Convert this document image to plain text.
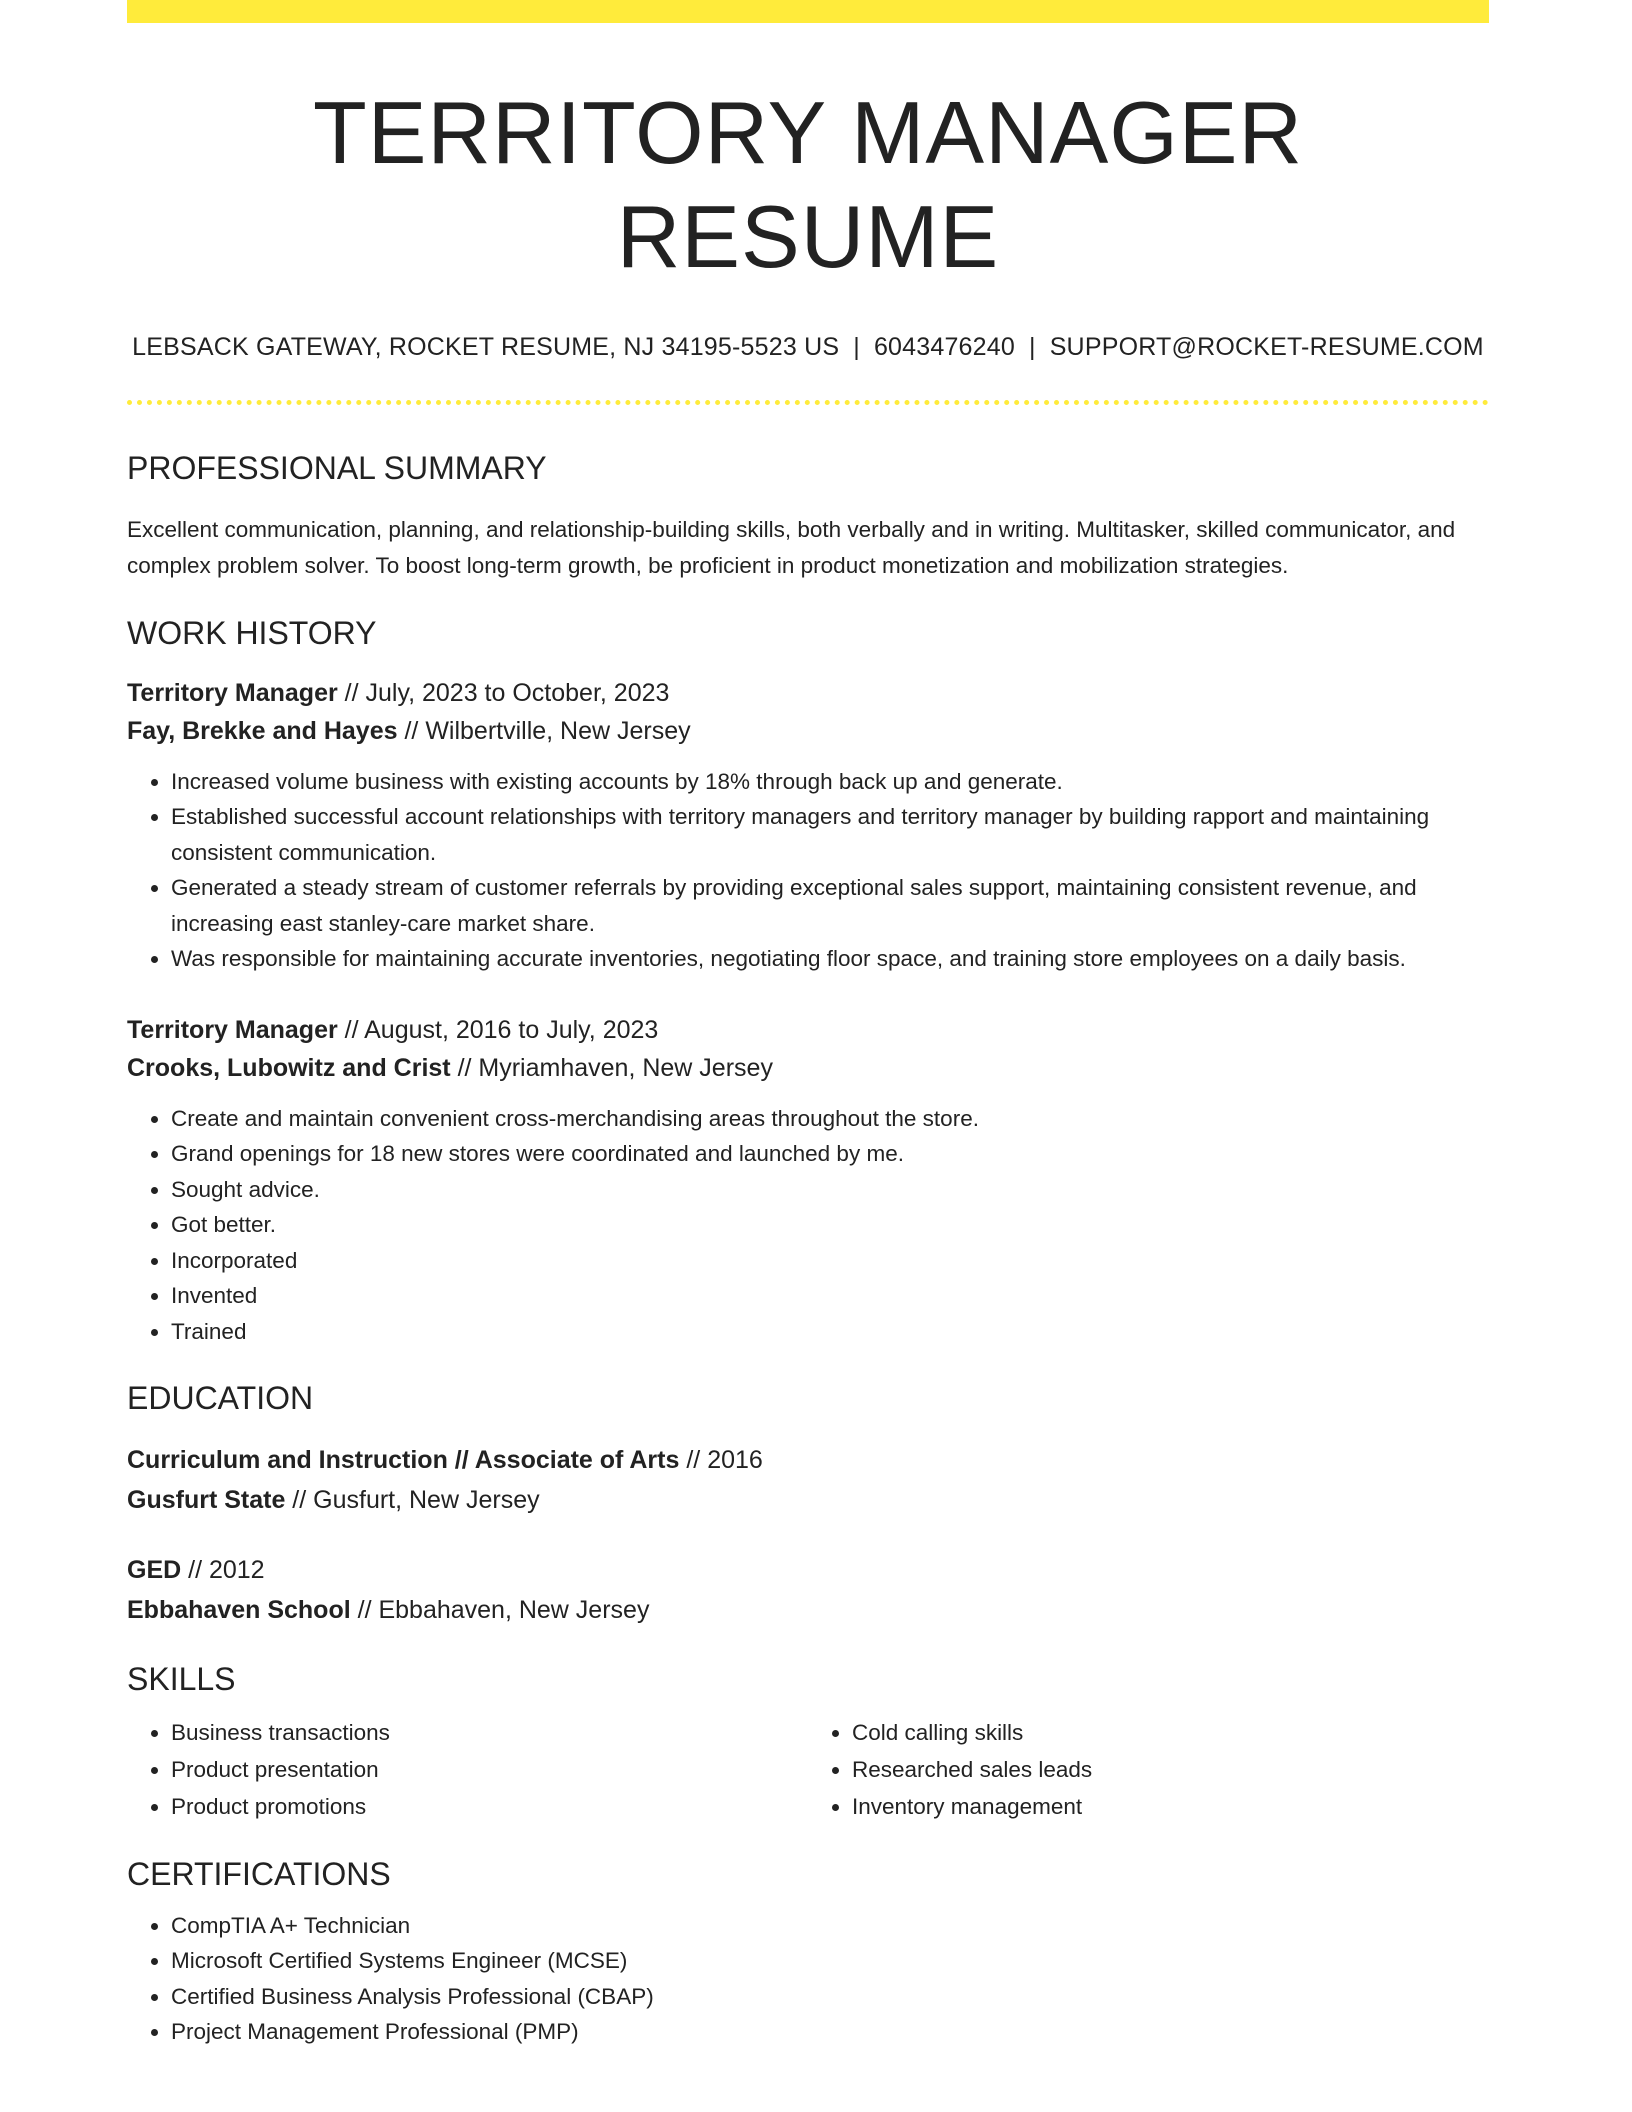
TERRITORY MANAGER RESUME
LEBSACK GATEWAY, ROCKET RESUME, NJ 34195-5523 US | 6043476240 | SUPPORT@ROCKET-RESUME.COM
PROFESSIONAL SUMMARY

Excellent communication, planning, and relationship-building skills, both verbally and in writing. Multitasker, skilled communicator, and complex problem solver. To boost long-term growth, be proficient in product monetization and mobilization strategies.

WORK HISTORY
Territory Manager // July, 2023 to October, 2023
Fay, Brekke and Hayes // Wilbertville, New Jersey
• Increased volume business with existing accounts by 18% through back up and generate.
• Established successful account relationships with territory managers and territory manager by building rapport and maintaining consistent communication.
• Generated a steady stream of customer referrals by providing exceptional sales support, maintaining consistent revenue, and increasing east stanley-care market share.
• Was responsible for maintaining accurate inventories, negotiating floor space, and training store employees on a daily basis.
Territory Manager // August, 2016 to July, 2023
Crooks, Lubowitz and Crist // Myriamhaven, New Jersey
• Create and maintain convenient cross-merchandising areas throughout the store.
• Grand openings for 18 new stores were coordinated and launched by me.
• Sought advice.
• Got better.
• Incorporated
• Invented
• Trained
EDUCATION
Curriculum and Instruction // Associate of Arts // 2016
Gusfurt State // Gusfurt, New Jersey
GED // 2012
Ebbahaven School // Ebbahaven, New Jersey
SKILLS
• Business transactions
• Product presentation
• Product promotions
• Cold calling skills
• Researched sales leads
• Inventory management
CERTIFICATIONS
• CompTIA A+ Technician
• Microsoft Certified Systems Engineer (MCSE)
• Certified Business Analysis Professional (CBAP)
• Project Management Professional (PMP)
